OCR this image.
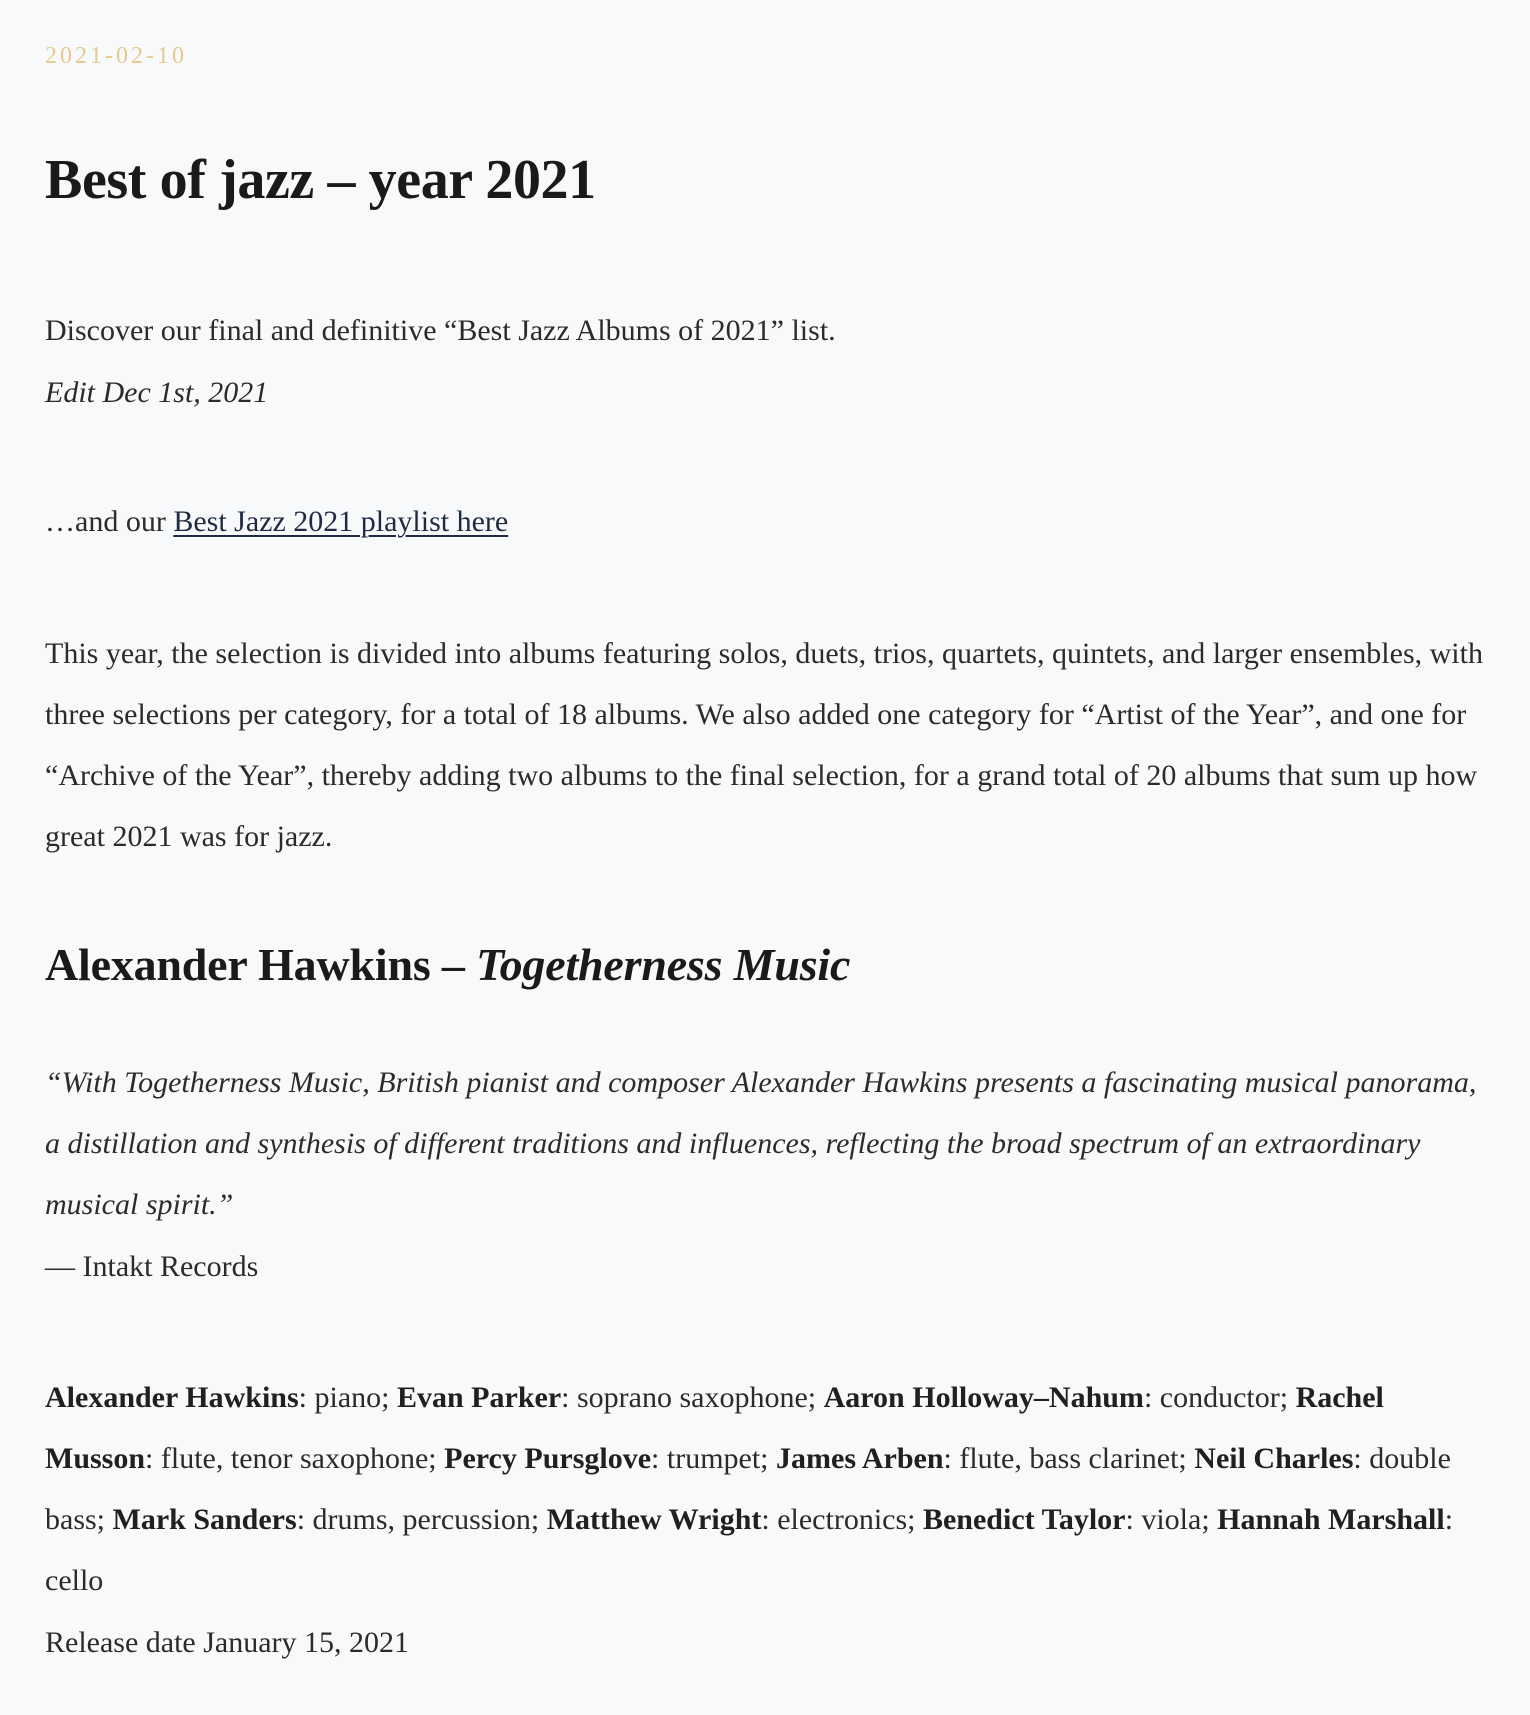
2021-02-10
Best of jazz – year 2021

Discover our final and definitive “Best Jazz Albums of 2021” list.

Edit Dec 1st, 2021

…and our Best Jazz 2021 playlist here

This year, the selection is divided into albums featuring solos, duets, trios, quartets, quintets, and larger ensembles, with three selections per category, for a total of 18 albums. We also added one category for “Artist of the Year”, and one for “Archive of the Year”, thereby adding two albums to the final selection, for a grand total of 20 albums that sum up how great 2021 was for jazz.

Alexander Hawkins – Togetherness Music

“With Togetherness Music, British pianist and composer Alexander Hawkins presents a fascinating musical panorama, a distillation and synthesis of different traditions and influences, reflecting the broad spectrum of an extraordinary musical spirit.”

— Intakt Records

Alexander Hawkins: piano; Evan Parker: soprano saxophone; Aaron Holloway–Nahum: conductor; Rachel Musson: flute, tenor saxophone; Percy Pursglove: trumpet; James Arben: flute, bass clarinet; Neil Charles: double bass; Mark Sanders: drums, percussion; Matthew Wright: electronics; Benedict Taylor: viola; Hannah Marshall: cello

Release date January 15, 2021
